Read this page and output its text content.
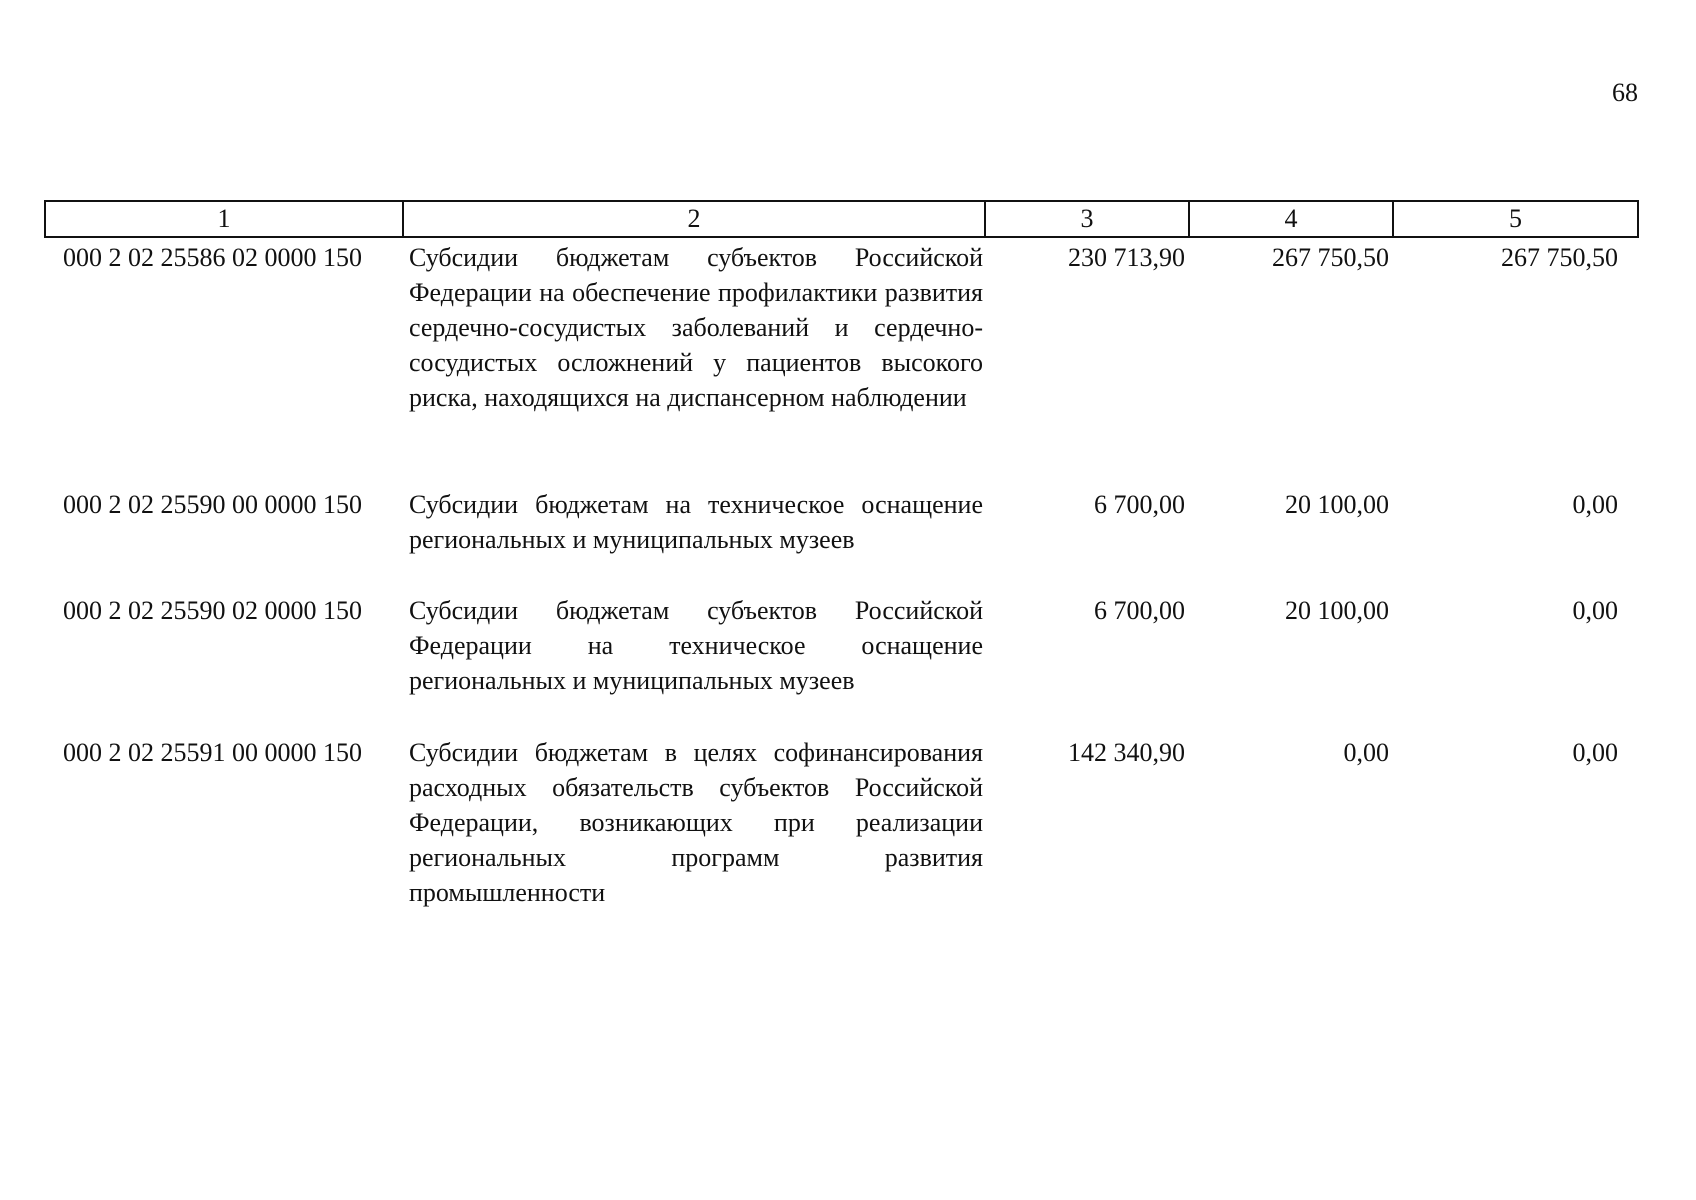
68
1	2	3	4	5
000 2 02 25586 02 0000 150	Субсидии бюджетам субъектов Российской Федерации на обеспечение профилактики развития сердечно-сосудистых заболеваний и сердечно-сосудистых осложнений у пациентов высокого риска, находящихся на диспансерном наблюдении	230 713,90	267 750,50	267 750,50
000 2 02 25590 00 0000 150	Субсидии бюджетам на техническое оснащение региональных и муниципальных музеев	6 700,00	20 100,00	0,00
000 2 02 25590 02 0000 150	Субсидии бюджетам субъектов Российской Федерации на техническое оснащение региональных и муниципальных музеев	6 700,00	20 100,00	0,00
000 2 02 25591 00 0000 150	Субсидии бюджетам в целях софинансирования расходных обязательств субъектов Российской Федерации, возникающих при реализации региональных программ развития промышленности	142 340,90	0,00	0,00
